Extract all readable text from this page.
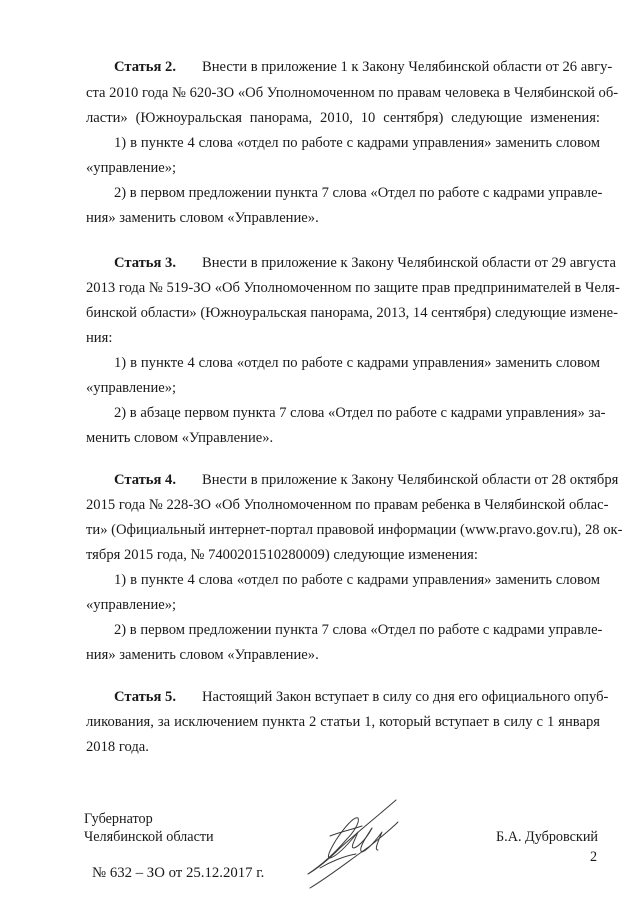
Статья 2. Внести в приложение 1 к Закону Челябинской области от 26 авгу-
ста 2010 года № 620-ЗО «Об Уполномоченном по правам человека в Челябинской об-
ласти» (Южноуральская панорама, 2010, 10 сентября) следующие изменения:
1) в пункте 4 слова «отдел по работе с кадрами управления» заменить словом
«управление»;
2) в первом предложении пункта 7 слова «Отдел по работе с кадрами управле-
ния» заменить словом «Управление».
Статья 3. Внести в приложение к Закону Челябинской области от 29 августа
2013 года № 519-ЗО «Об Уполномоченном по защите прав предпринимателей в Челя-
бинской области» (Южноуральская панорама, 2013, 14 сентября) следующие измене-
ния:
1) в пункте 4 слова «отдел по работе с кадрами управления» заменить словом
«управление»;
2) в абзаце первом пункта 7 слова «Отдел по работе с кадрами управления» за-
менить словом «Управление».
Статья 4. Внести в приложение к Закону Челябинской области от 28 октября
2015 года № 228-ЗО «Об Уполномоченном по правам ребенка в Челябинской облас-
ти» (Официальный интернет-портал правовой информации (www.pravo.gov.ru), 28 ок-
тября 2015 года, № 7400201510280009) следующие изменения:
1) в пункте 4 слова «отдел по работе с кадрами управления» заменить словом
«управление»;
2) в первом предложении пункта 7 слова «Отдел по работе с кадрами управле-
ния» заменить словом «Управление».
Статья 5. Настоящий Закон вступает в силу со дня его официального опуб-
ликования, за исключением пункта 2 статьи 1, который вступает в силу с 1 января
2018 года.
Губернатор
Челябинской области	Б.А. Дубровский
2
№ 632 – ЗО от 25.12.2017 г.
